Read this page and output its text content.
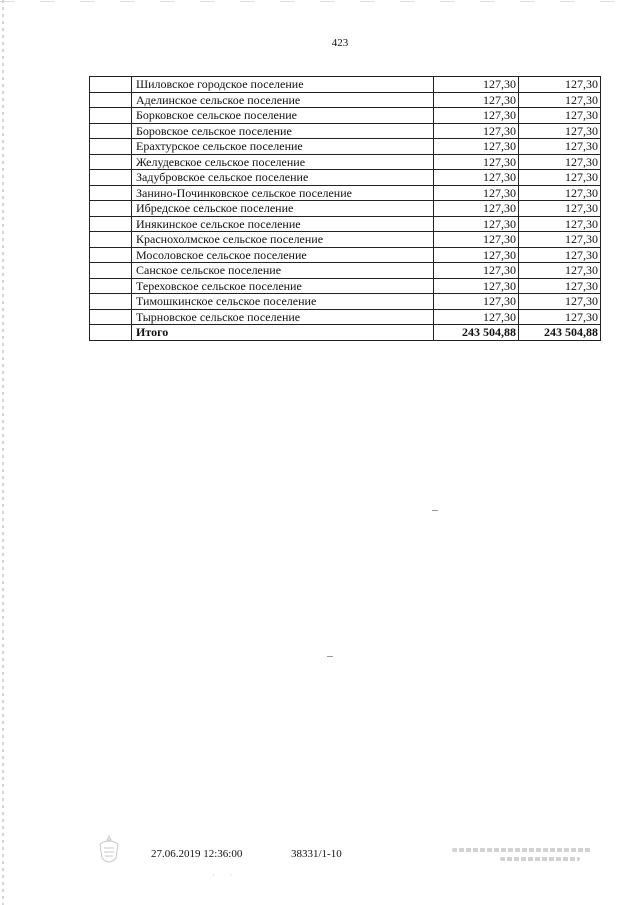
423
	Шиловское городское поселение	127,30	127,30
	Аделинское сельское поселение	127,30	127,30
	Борковское сельское поселение	127,30	127,30
	Боровское сельское поселение	127,30	127,30
	Ерахтурское сельское поселение	127,30	127,30
	Желудевское сельское поселение	127,30	127,30
	Задубровское сельское поселение	127,30	127,30
	Занино-Починковское сельское поселение	127,30	127,30
	Ибредское сельское поселение	127,30	127,30
	Инякинское сельское поселение	127,30	127,30
	Краснохолмское сельское поселение	127,30	127,30
	Мосоловское сельское поселение	127,30	127,30
	Санское сельское поселение	127,30	127,30
	Тереховское сельское поселение	127,30	127,30
	Тимошкинское сельское поселение	127,30	127,30
	Тырновское сельское поселение	127,30	127,30
	Итого	243 504,88	243 504,88
27.06.2019 12:36:00	38331/1-10
· ·
